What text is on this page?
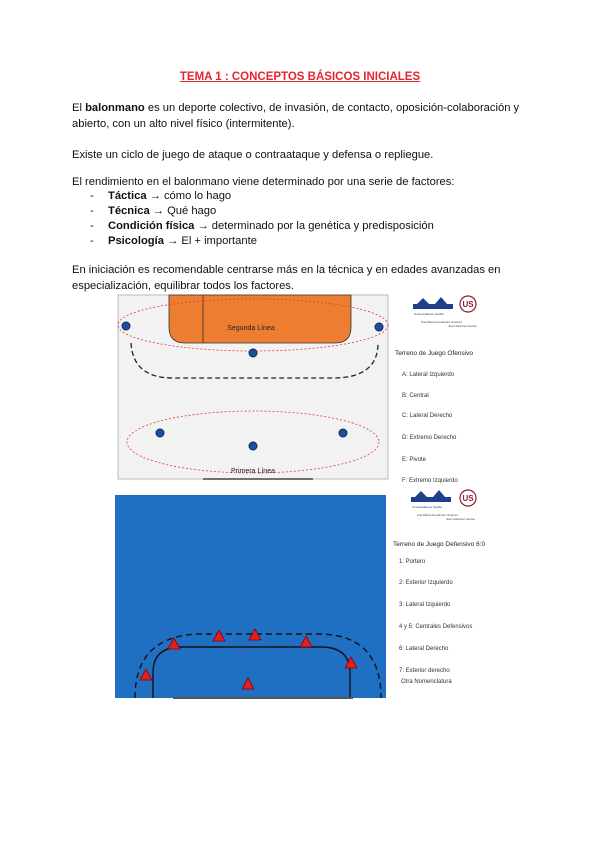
TEMA 1 : CONCEPTOS BÁSICOS INICIALES
El balonmano es un deporte colectivo, de invasión, de contacto, oposición-colaboración y abierto, con un alto nivel físico (intermitente).
Existe un ciclo de juego de ataque o contraataque y defensa o repliegue.
El rendimiento en el balonmano viene determinado por una serie de factores:
- Táctica → cómo lo hago
- Técnica → Qué hago
- Condición física → determinado por la genética y predisposición
- Psicología → El + importante
En iniciación es recomendable centrarse más en la técnica y en edades avanzadas en especialización, equilibrar todos los factores.
Segunda Línea
Primera Línea
US
Universidad de Sevilla
Ana María Fernández Jiménez
Juan Sánchez García
Terreno de Juego Ofensivo
A: Lateral Izquierdo
B: Central
C: Lateral Derecho
D: Extremo Derecho
E: Pivote
F: Extremo Izquierdo
US
Universidad de Sevilla
Ana María Fernández Jiménez
Juan Sánchez García
Terreno de Juego Defensivo 6:0
1: Portero
2: Exterior Izquierdo
3: Lateral Izquierdo
4 y 5: Centrales Defensivos
6: Lateral Derecho
7: Exterior derecho
Otra Nomenclatura
